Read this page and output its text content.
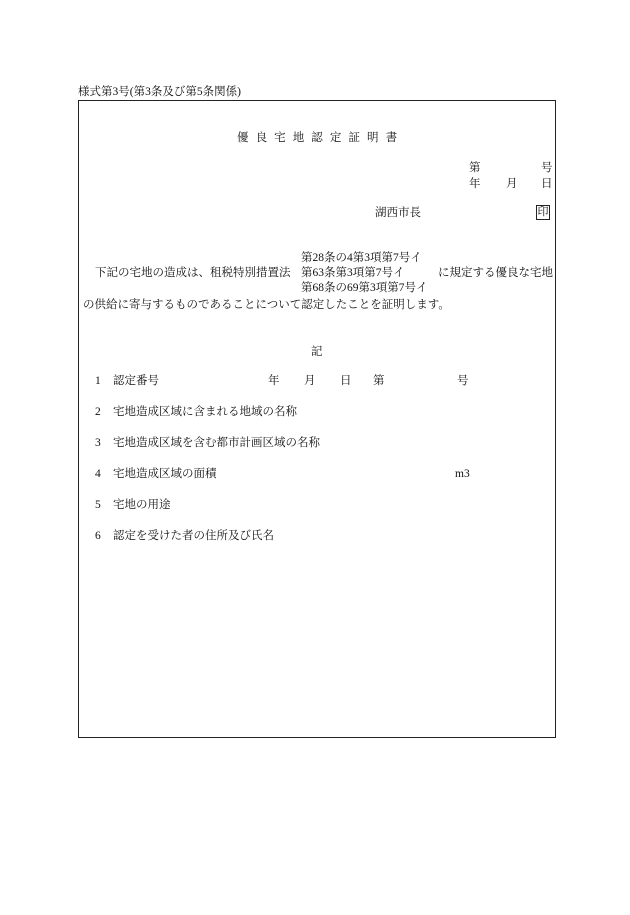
様式第3号(第3条及び第5条関係)
優 良 宅 地 認 定 証 明 書
第	号
年 月 日
湖西市長	印
第28条の4第3項第7号イ
下記の宅地の造成は、租税特別措置法 第63条第3項第7号イ	に規定する優良な宅地
第68条の69第3項第7号イ
の供給に寄与するものであることについて認定したことを証明します。
記
1 認定番号	年 月 日 第	号
2 宅地造成区域に含まれる地域の名称
3 宅地造成区域を含む都市計画区域の名称
4 宅地造成区域の面積	m3
5 宅地の用途
6 認定を受けた者の住所及び氏名
